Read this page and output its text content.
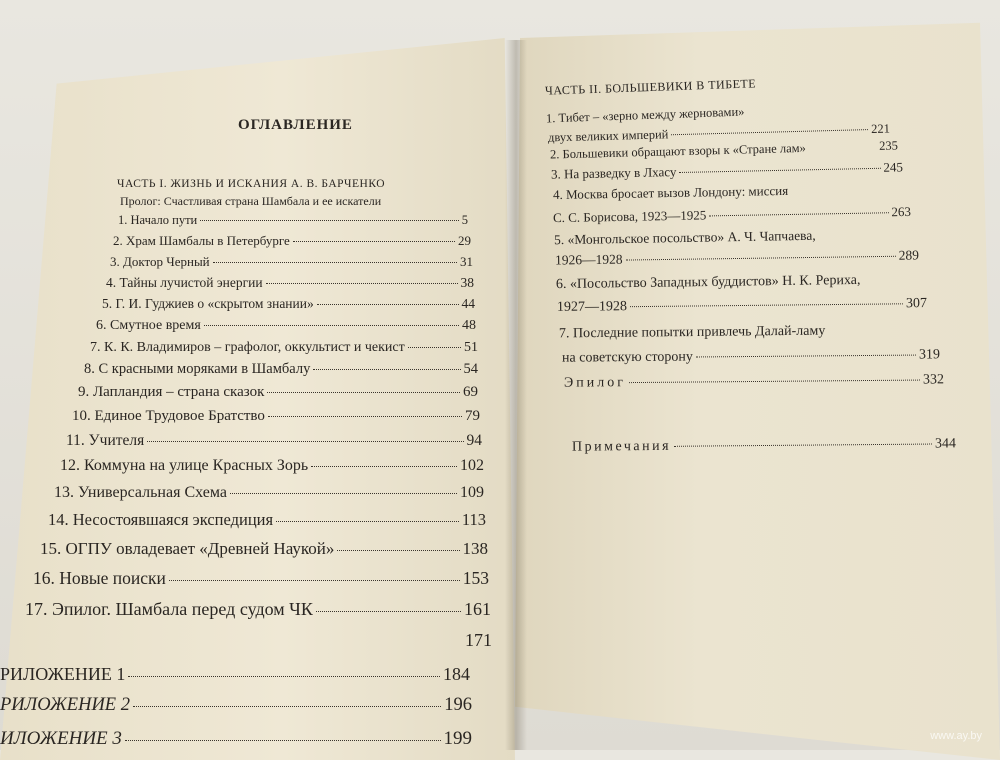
ОГЛАВЛЕНИЕ
ЧАСТЬ I. ЖИЗНЬ И ИСКАНИЯ А. В. БАРЧЕНКО
Пролог: Счастливая страна Шамбала и ее искатели
1. Начало пути	5
2. Храм Шамбалы в Петербурге	29
3. Доктор Черный	31
4. Тайны лучистой энергии	38
5. Г. И. Гуджиев о «скрытом знании»	44
6. Смутное время	48
7. К. К. Владимиров – графолог, оккультист и чекист	51
8. С красными моряками в Шамбалу	54
9. Лапландия – страна сказок	69
10. Единое Трудовое Братство	79
11. Учителя	94
12. Коммуна на улице Красных Зорь	102
13. Универсальная Схема	109
14. Несостоявшаяся экспедиция	113
15. ОГПУ овладевает «Древней Наукой»	138
16. Новые поиски	153
17. Эпилог. Шамбала перед судом ЧК	161
171
РИЛОЖЕНИЕ 1	184
РИЛОЖЕНИЕ 2	196
ИЛОЖЕНИЕ 3	199
ЧАСТЬ II. БОЛЬШЕВИКИ В ТИБЕТЕ
1. Тибет – «зерно между жерновами»
двух великих империй	221
2. Большевики обращают взоры к «Стране лам»	235
3. На разведку в Лхасу	245
4. Москва бросает вызов Лондону: миссия
С. С. Борисова, 1923—1925	263
5. «Монгольское посольство» А. Ч. Чапчаева,
1926—1928	289
6. «Посольство Западных буддистов» Н. К. Рериха,
1927—1928	307
7. Последние попытки привлечь Далай-ламу
на советскую сторону	319
Эпилог	332
Примечания	344
www.ay.by
